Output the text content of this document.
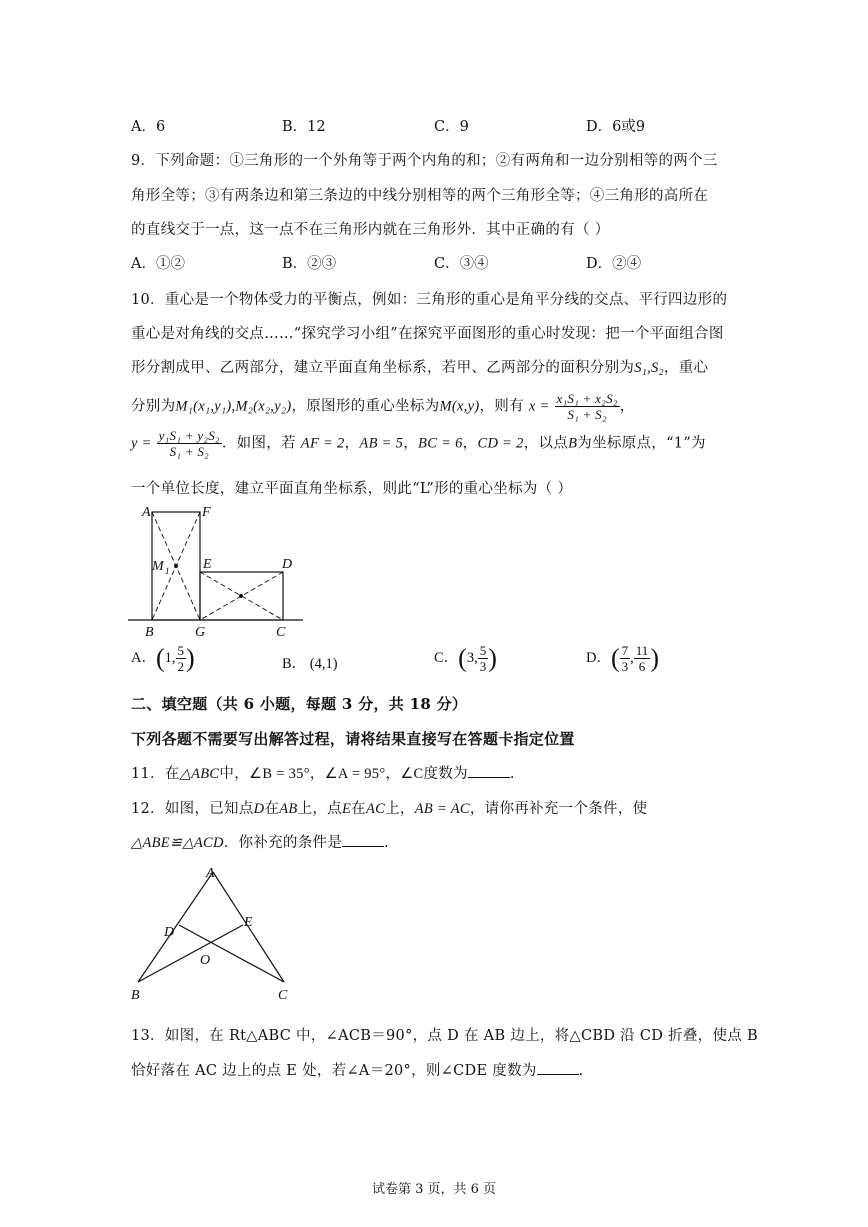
A．6	B．12	C．9	D．6或9
9．下列命题：①三角形的一个外角等于两个内角的和；②有两角和一边分别相等的两个三
角形全等；③有两条边和第三条边的中线分别相等的两个三角形全等；④三角形的高所在
的直线交于一点，这一点不在三角形内就在三角形外．其中正确的有（ ）
A．①②	B．②③	C．③④	D．②④
10．重心是一个物体受力的平衡点，例如：三角形的重心是角平分线的交点、平行四边形的
重心是对角线的交点……“探究学习小组”在探究平面图形的重心时发现：把一个平面组合图
形分割成甲、乙两部分，建立平面直角坐标系，若甲、乙两部分的面积分别为S₁,S₂，重心
分别为M₁(x₁,y₁),M₂(x₂,y₂)，原图形的重心坐标为M(x,y)，则有 $x = \frac{\text{x₁S₁ + x₂S₂}}{\text{S₁ + S₂}}$ ，
$y = \frac{\text{y₁S₁ + y₂S₂}}{\text{S₁ + S₂}}$ ．如图，若 AF = 2，AB = 5，BC = 6，CD = 2，以点B为坐标原点，“1”为
一个单位长度，建立平面直角坐标系，则此“L”形的重心坐标为（ ）
A	F
M 1 E	D
B	G	C
A．(1, $\frac{5}{2}$ )	B． (4,1)	C．(3, $\frac{5}{3}$ )	D．( $\frac{7}{3}$ , $\frac{11}{6}$ )
二、填空题（共 6 小题，每题 3 分，共 18 分）
下列各题不需要写出解答过程，请将结果直接写在答题卡指定位置
11．在△ABC中，∠B = 35°，∠A = 95°，∠C度数为	.
12．如图，已知点D在AB上，点E在AC上，AB = AC，请你再补充一个条件，使
△ABE≌△ACD．你补充的条件是	.
A
D
E
O
B	C
13．如图，在 Rt△ABC 中，∠ACB＝90°，点 D 在 AB 边上，将△CBD 沿 CD 折叠，使点 B
恰好落在 AC 边上的点 E 处，若∠A＝20°，则∠CDE 度数为	.
试卷第 3 页，共 6 页
